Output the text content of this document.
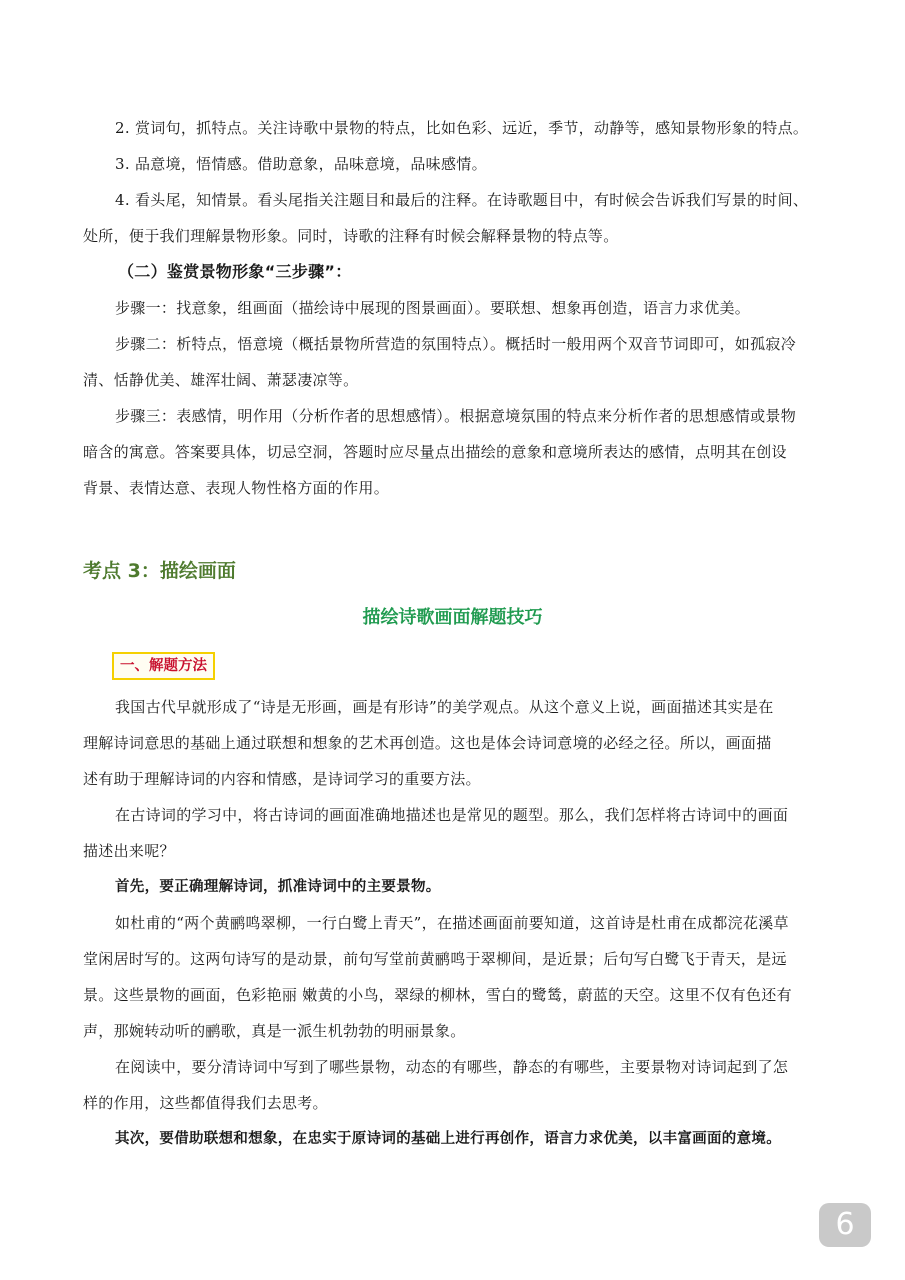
2. 赏词句，抓特点。关注诗歌中景物的特点，比如色彩、远近，季节，动静等，感知景物形象的特点。
3. 品意境，悟情感。借助意象，品味意境，品味感情。
4. 看头尾，知情景。看头尾指关注题目和最后的注释。在诗歌题目中，有时候会告诉我们写景的时间、
处所，便于我们理解景物形象。同时，诗歌的注释有时候会解释景物的特点等。
（二）鉴赏景物形象“三步骤”：
步骤一：找意象，组画面（描绘诗中展现的图景画面）。要联想、想象再创造，语言力求优美。
步骤二：析特点，悟意境（概括景物所营造的氛围特点）。概括时一般用两个双音节词即可，如孤寂冷
清、恬静优美、雄浑壮阔、萧瑟凄凉等。
步骤三：表感情，明作用（分析作者的思想感情）。根据意境氛围的特点来分析作者的思想感情或景物
暗含的寓意。答案要具体，切忌空洞，答题时应尽量点出描绘的意象和意境所表达的感情，点明其在创设
背景、表情达意、表现人物性格方面的作用。
考点 3：描绘画面
描绘诗歌画面解题技巧
一、解题方法
我国古代早就形成了“诗是无形画，画是有形诗”的美学观点。从这个意义上说，画面描述其实是在
理解诗词意思的基础上通过联想和想象的艺术再创造。这也是体会诗词意境的必经之径。所以，画面描
述有助于理解诗词的内容和情感，是诗词学习的重要方法。
在古诗词的学习中，将古诗词的画面准确地描述也是常见的题型。那么，我们怎样将古诗词中的画面
描述出来呢？
首先，要正确理解诗词，抓准诗词中的主要景物。
如杜甫的“两个黄鹂鸣翠柳，一行白鹭上青天”，在描述画面前要知道，这首诗是杜甫在成都浣花溪草
堂闲居时写的。这两句诗写的是动景，前句写堂前黄鹂鸣于翠柳间，是近景；后句写白鹭飞于青天，是远
景。这些景物的画面，色彩艳丽 嫩黄的小鸟，翠绿的柳林，雪白的鹭鸶，蔚蓝的天空。这里不仅有色还有
声，那婉转动听的鹂歌，真是一派生机勃勃的明丽景象。
在阅读中，要分清诗词中写到了哪些景物，动态的有哪些，静态的有哪些，主要景物对诗词起到了怎
样的作用，这些都值得我们去思考。
其次，要借助联想和想象，在忠实于原诗词的基础上进行再创作，语言力求优美，以丰富画面的意境。
6
